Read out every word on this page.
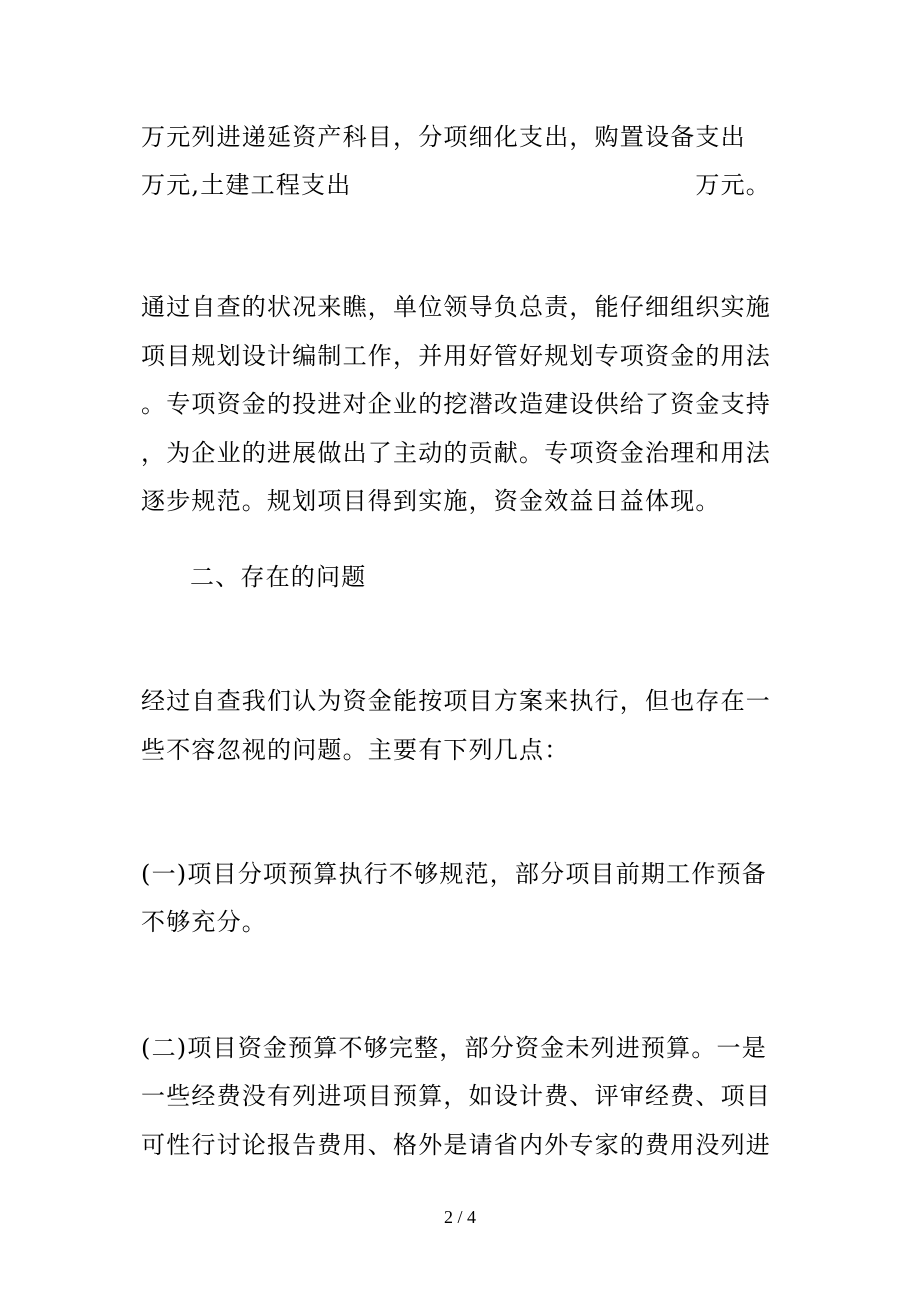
万元列进递延资产科目，分项细化支出，购置设备支出
万元,土建工程支出	万元。
通过自查的状况来瞧，单位领导负总责，能仔细组织实施
项目规划设计编制工作，并用好管好规划专项资金的用法
。专项资金的投进对企业的挖潜改造建设供给了资金支持
，为企业的进展做出了主动的贡献。专项资金治理和用法
逐步规范。规划项目得到实施，资金效益日益体现。
二、存在的问题
经过自查我们认为资金能按项目方案来执行，但也存在一
些不容忽视的问题。主要有下列几点：
(一)项目分项预算执行不够规范，部分项目前期工作预备
不够充分。
(二)项目资金预算不够完整，部分资金未列进预算。一是
一些经费没有列进项目预算，如设计费、评审经费、项目
可性行讨论报告费用、格外是请省内外专家的费用没列进
2 / 4
